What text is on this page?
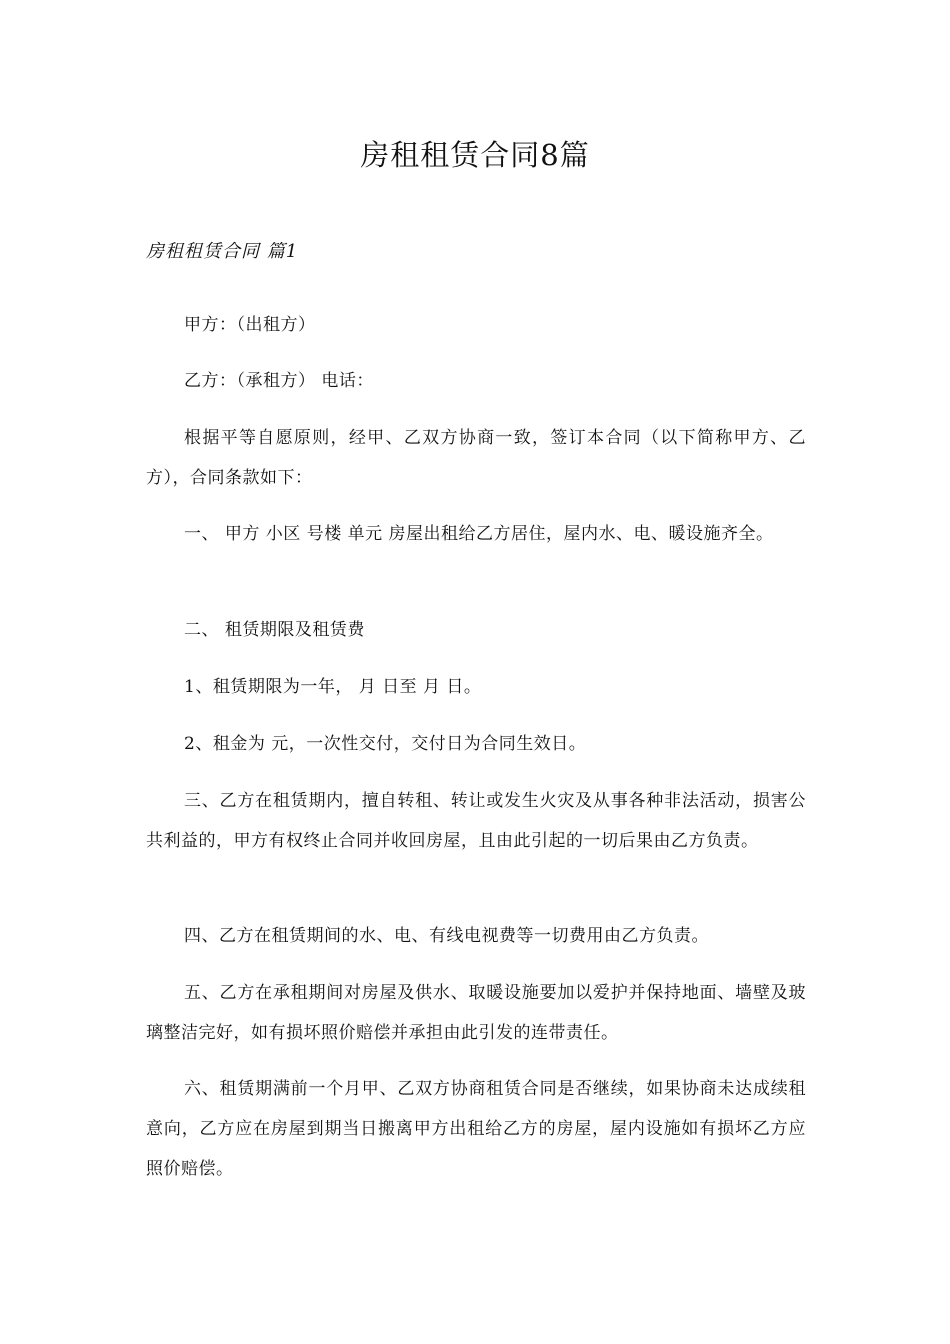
房租租赁合同8篇
房租租赁合同 篇1

甲方：（出租方）

乙方：（承租方） 电话：

根据平等自愿原则，经甲、乙双方协商一致，签订本合同（以下简称甲方、乙方），合同条款如下：

一、 甲方 小区 号楼 单元 房屋出租给乙方居住，屋内水、电、暖设施齐全。

二、 租赁期限及租赁费

1、租赁期限为一年， 月 日至 月 日。

2、租金为 元，一次性交付，交付日为合同生效日。

三、乙方在租赁期内，擅自转租、转让或发生火灾及从事各种非法活动，损害公共利益的，甲方有权终止合同并收回房屋，且由此引起的一切后果由乙方负责。

四、乙方在租赁期间的水、电、有线电视费等一切费用由乙方负责。

五、乙方在承租期间对房屋及供水、取暖设施要加以爱护并保持地面、墙壁及玻璃整洁完好，如有损坏照价赔偿并承担由此引发的连带责任。

六、租赁期满前一个月甲、乙双方协商租赁合同是否继续，如果协商未达成续租意向，乙方应在房屋到期当日搬离甲方出租给乙方的房屋，屋内设施如有损坏乙方应照价赔偿。
